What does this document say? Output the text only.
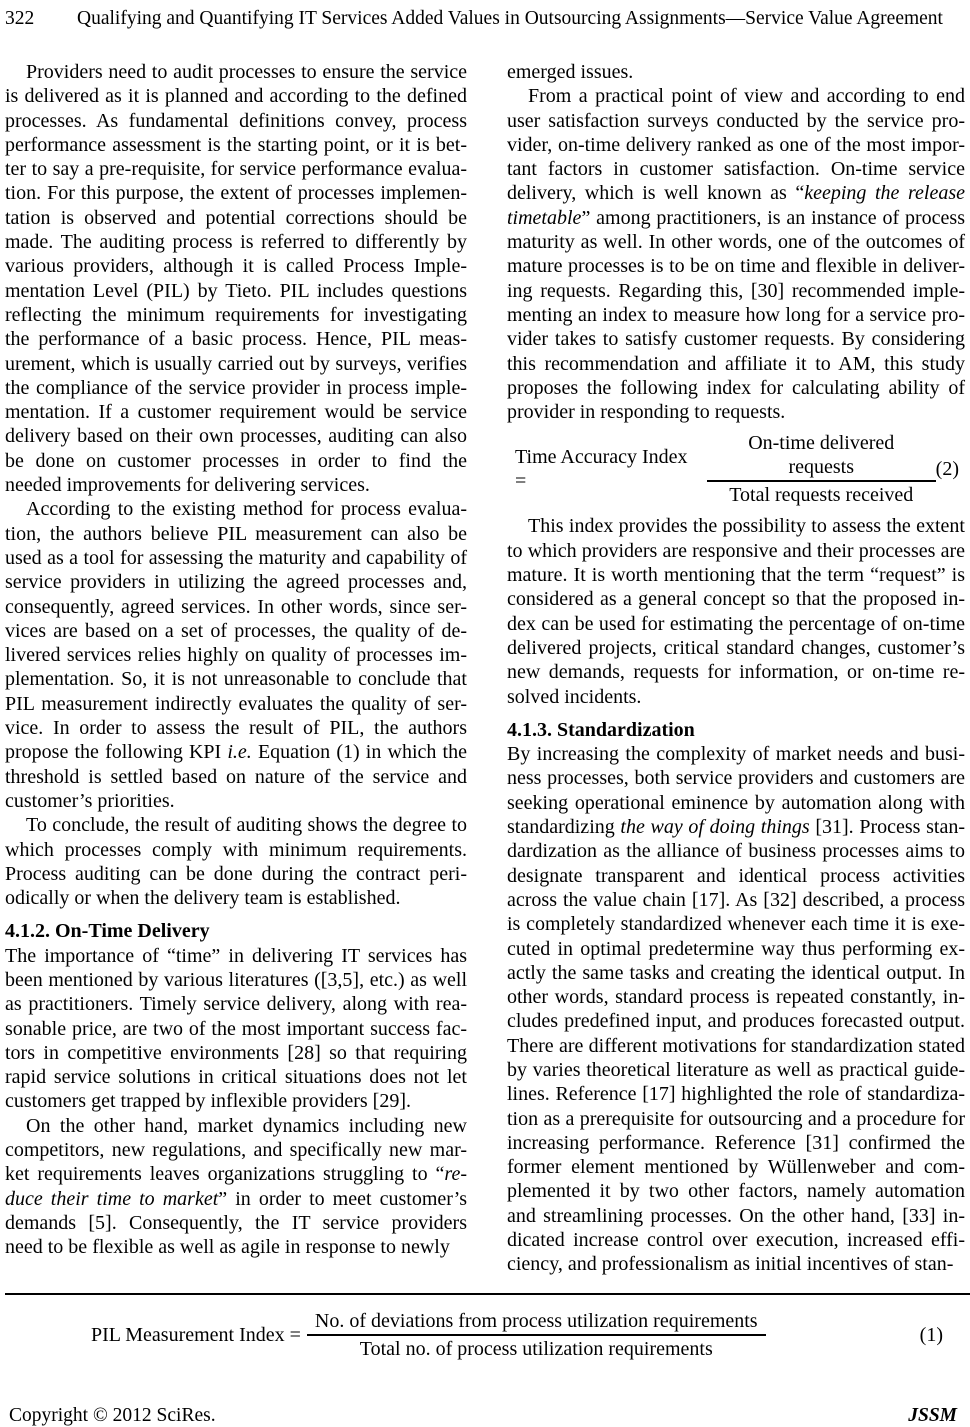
322	Qualifying and Quantifying IT Services Added Values in Outsourcing Assignments—Service Value Agreement
Providers need to audit processes to ensure the service
is delivered as it is planned and according to the defined
processes. As fundamental definitions convey, process
performance assessment is the starting point, or it is bet-
ter to say a pre-requisite, for service performance evalua-
tion. For this purpose, the extent of processes implemen-
tation is observed and potential corrections should be
made. The auditing process is referred to differently by
various providers, although it is called Process Imple-
mentation Level (PIL) by Tieto. PIL includes questions
reflecting the minimum requirements for investigating
the performance of a basic process. Hence, PIL meas-
urement, which is usually carried out by surveys, verifies
the compliance of the service provider in process imple-
mentation. If a customer requirement would be service
delivery based on their own processes, auditing can also
be done on customer processes in order to find the
needed improvements for delivering services.
According to the existing method for process evalua-
tion, the authors believe PIL measurement can also be
used as a tool for assessing the maturity and capability of
service providers in utilizing the agreed processes and,
consequently, agreed services. In other words, since ser-
vices are based on a set of processes, the quality of de-
livered services relies highly on quality of processes im-
plementation. So, it is not unreasonable to conclude that
PIL measurement indirectly evaluates the quality of ser-
vice. In order to assess the result of PIL, the authors
propose the following KPI i.e. Equation (1) in which the
threshold is settled based on nature of the service and
customer’s priorities.
To conclude, the result of auditing shows the degree to
which processes comply with minimum requirements.
Process auditing can be done during the contract peri-
odically or when the delivery team is established.
4.1.2. On-Time Delivery
The importance of “time” in delivering IT services has
been mentioned by various literatures ([3,5], etc.) as well
as practitioners. Timely service delivery, along with rea-
sonable price, are two of the most important success fac-
tors in competitive environments [28] so that requiring
rapid service solutions in critical situations does not let
customers get trapped by inflexible providers [29].
On the other hand, market dynamics including new
competitors, new regulations, and specifically new mar-
ket requirements leaves organizations struggling to “re-
duce their time to market” in order to meet customer’s
demands [5]. Consequently, the IT service providers
need to be flexible as well as agile in response to newly
emerged issues.
From a practical point of view and according to end
user satisfaction surveys conducted by the service pro-
vider, on-time delivery ranked as one of the most impor-
tant factors in customer satisfaction. On-time service
delivery, which is well known as “keeping the release
timetable” among practitioners, is an instance of process
maturity as well. In other words, one of the outcomes of
mature processes is to be on time and flexible in deliver-
ing requests. Regarding this, [30] recommended imple-
menting an index to measure how long for a service pro-
vider takes to satisfy customer requests. By considering
this recommendation and affiliate it to AM, this study
proposes the following index for calculating ability of
provider in responding to requests.
Time Accuracy Index =	$\frac{\text{On-time delivered requests}}{\text{Total requests received}} (2)$
This index provides the possibility to assess the extent
to which providers are responsive and their processes are
mature. It is worth mentioning that the term “request” is
considered as a general concept so that the proposed in-
dex can be used for estimating the percentage of on-time
delivered projects, critical standard changes, customer’s
new demands, requests for information, or on-time re-
solved incidents.
4.1.3. Standardization
By increasing the complexity of market needs and busi-
ness processes, both service providers and customers are
seeking operational eminence by automation along with
standardizing the way of doing things [31]. Process stan-
dardization as the alliance of business processes aims to
designate transparent and identical process activities
across the value chain [17]. As [32] described, a process
is completely standardized whenever each time it is exe-
cuted in optimal predetermine way thus performing ex-
actly the same tasks and creating the identical output. In
other words, standard process is repeated constantly, in-
cludes predefined input, and produces forecasted output.
There are different motivations for standardization stated
by varies theoretical literature as well as practical guide-
lines. Reference [17] highlighted the role of standardiza-
tion as a prerequisite for outsourcing and a procedure for
increasing performance. Reference [31] confirmed the
former element mentioned by Wüllenweber and com-
plemented it by two other factors, namely automation
and streamlining processes. On the other hand, [33] in-
dicated increase control over execution, increased effi-
ciency, and professionalism as initial incentives of stan-
PIL Measurement Index = $\frac{\text{No. of deviations from process utilization requirements}}{\text{Total no. of process utilization requirements}}$	(1)
Copyright © 2012 SciRes.	JSSM
